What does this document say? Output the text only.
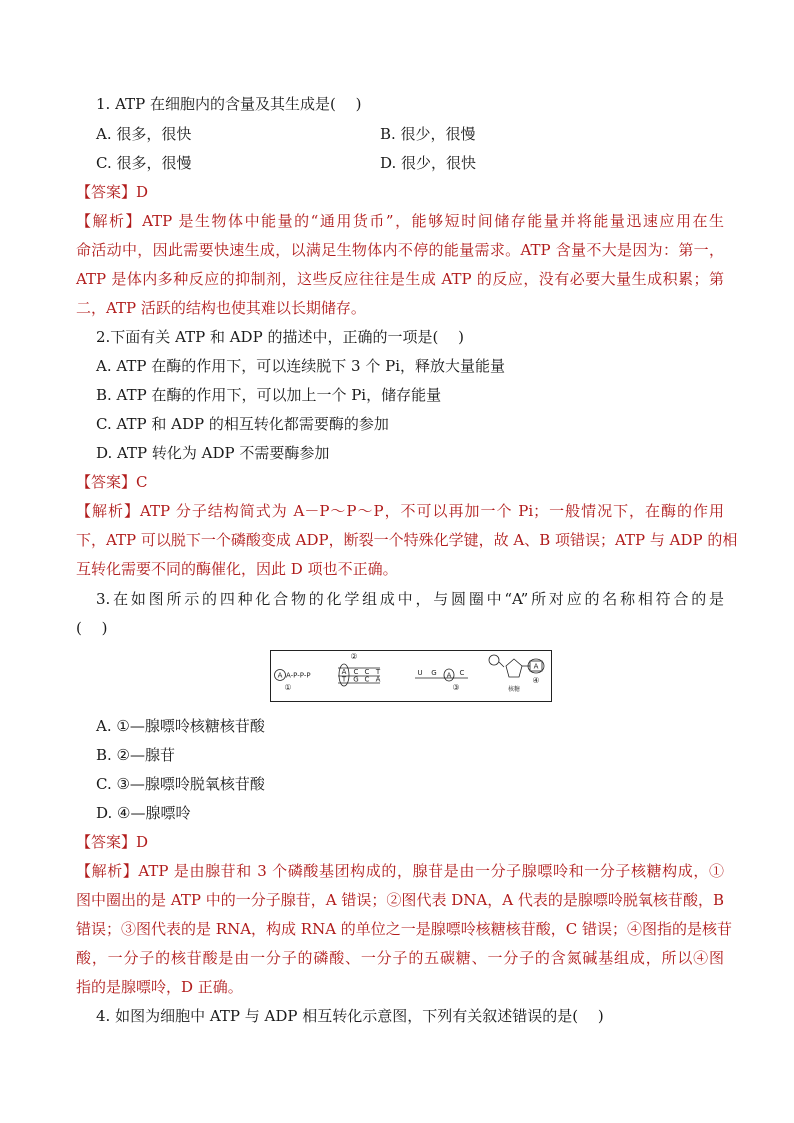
1. ATP 在细胞内的含量及其生成是(　 )
A. 很多，很快	B. 很少，很慢
C. 很多，很慢	D. 很少，很快
【答案】D
【解析】ATP 是生物体中能量的“通用货币”，能够短时间储存能量并将能量迅速应用在生
命活动中，因此需要快速生成，以满足生物体内不停的能量需求。ATP 含量不大是因为：第一，
ATP 是体内多种反应的抑制剂，这些反应往往是生成 ATP 的反应，没有必要大量生成积累；第
二，ATP 活跃的结构也使其难以长期储存。
2.下面有关 ATP 和 ADP 的描述中，正确的一项是(　 )
A. ATP 在酶的作用下，可以连续脱下 3 个 Pi，释放大量能量
B. ATP 在酶的作用下，可以加上一个 Pi，储存能量
C. ATP 和 ADP 的相互转化都需要酶的参加
D. ATP 转化为 ADP 不需要酶参加
【答案】C
【解析】ATP 分子结构简式为 A－P～P～P，不可以再加一个 Pi；一般情况下，在酶的作用
下，ATP 可以脱下一个磷酸变成 ADP，断裂一个特殊化学键，故 A、B 项错误；ATP 与 ADP 的相
互转化需要不同的酶催化，因此 D 项也不正确。
3.在如图所示的四种化合物的化学组成中，与圆圈中“A”所对应的名称相符合的是
(　 )
A A-P-P-P
①
②
A C C T
T G C A
U G A C
③
A
④
核糖
A. ①—腺嘌呤核糖核苷酸
B. ②—腺苷
C. ③—腺嘌呤脱氧核苷酸
D. ④—腺嘌呤
【答案】D
【解析】ATP 是由腺苷和 3 个磷酸基团构成的，腺苷是由一分子腺嘌呤和一分子核糖构成，①
图中圈出的是 ATP 中的一分子腺苷，A 错误；②图代表 DNA，A 代表的是腺嘌呤脱氧核苷酸，B
错误；③图代表的是 RNA，构成 RNA 的单位之一是腺嘌呤核糖核苷酸，C 错误；④图指的是核苷
酸，一分子的核苷酸是由一分子的磷酸、一分子的五碳糖、一分子的含氮碱基组成，所以④图
指的是腺嘌呤，D 正确。
4. 如图为细胞中 ATP 与 ADP 相互转化示意图，下列有关叙述错误的是(　 )
